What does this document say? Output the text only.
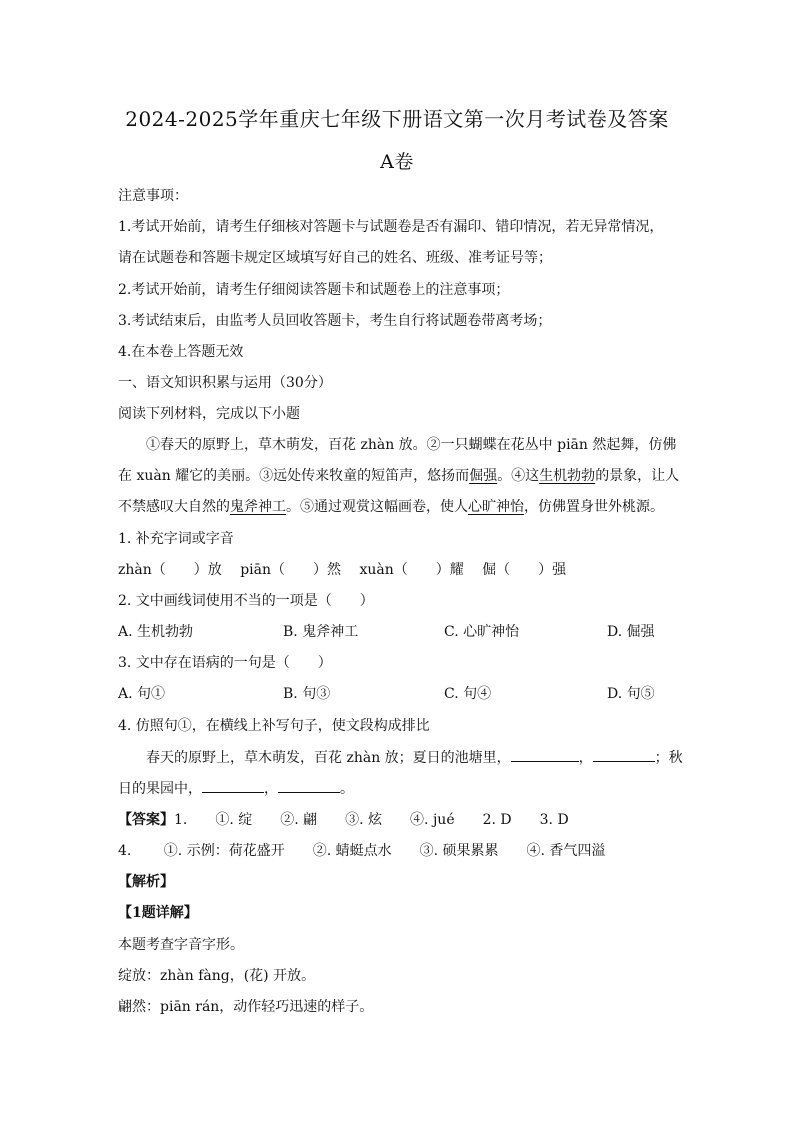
2024-2025学年重庆七年级下册语文第一次月考试卷及答案
A卷
注意事项：
1.考试开始前，请考生仔细核对答题卡与试题卷是否有漏印、错印情况，若无异常情况，
请在试题卷和答题卡规定区域填写好自己的姓名、班级、准考证号等；
2.考试开始前，请考生仔细阅读答题卡和试题卷上的注意事项；
3.考试结束后，由监考人员回收答题卡，考生自行将试题卷带离考场；
4.在本卷上答题无效
一、语文知识积累与运用（30分）
阅读下列材料，完成以下小题
①春天的原野上，草木萌发，百花 zhàn 放。②一只蝴蝶在花丛中 piān 然起舞，仿佛
在 xuàn 耀它的美丽。③远处传来牧童的短笛声，悠扬而倔强。④这生机勃勃的景象，让人
不禁感叹大自然的鬼斧神工。⑤通过观赏这幅画卷，使人心旷神怡，仿佛置身世外桃源。
1. 补充字词或字音
zhàn（　　）放　 piān（　　）然　 xuàn（　　）耀　 倔（　　）强
2. 文中画线词使用不当的一项是（　　）
A. 生机勃勃	B. 鬼斧神工	C. 心旷神怡	D. 倔强
3. 文中存在语病的一句是（　　）
A. 句①	B. 句③	C. 句④	D. 句⑤
4. 仿照句①，在横线上补写句子，使文段构成排比
春天的原野上，草木萌发，百花 zhàn 放；夏日的池塘里，	，	；秋
日的果园中，	，	。
【答案】1.　　①. 绽　　②. 翩　　③. 炫　　④. jué　　2. D　　3. D
4.　　 ①. 示例：荷花盛开　　②. 蜻蜓点水　　③. 硕果累累　　④. 香气四溢
【解析】
【1题详解】
本题考查字音字形。
绽放：zhàn fàng，(花) 开放。
翩然：piān rán，动作轻巧迅速的样子。
